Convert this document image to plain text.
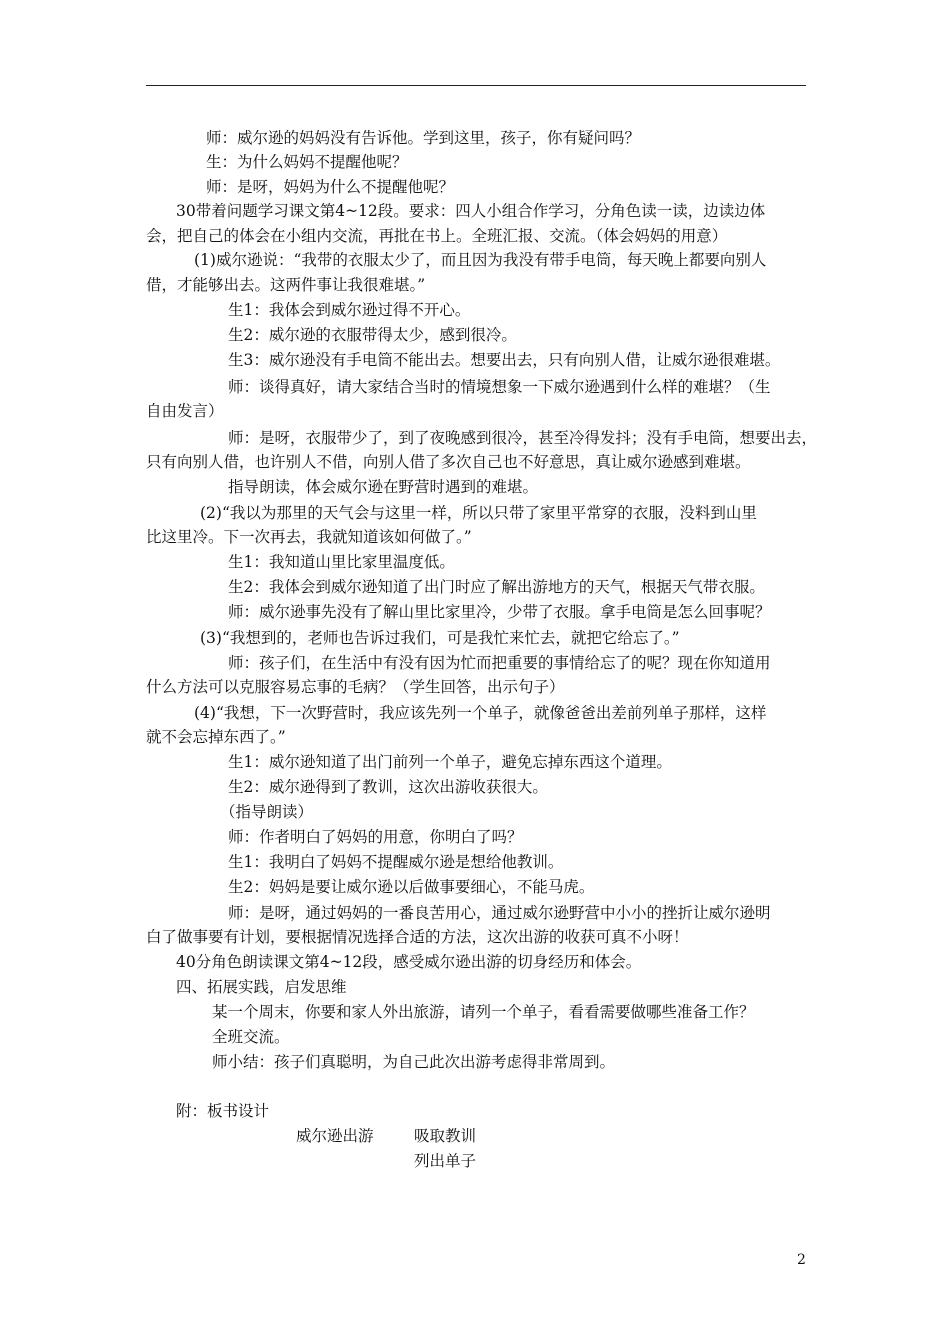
师：威尔逊的妈妈没有告诉他。学到这里，孩子，你有疑问吗？
生：为什么妈妈不提醒他呢？
师：是呀，妈妈为什么不提醒他呢？
30带着问题学习课文第4~12段。要求：四人小组合作学习，分角色读一读，边读边体
会，把自己的体会在小组内交流，再批在书上。全班汇报、交流。（体会妈妈的用意）
(1)威尔逊说：“我带的衣服太少了，而且因为我没有带手电筒，每天晚上都要向别人
借，才能够出去。这两件事让我很难堪。”
生1：我体会到威尔逊过得不开心。
生2：威尔逊的衣服带得太少，感到很冷。
生3：威尔逊没有手电筒不能出去。想要出去，只有向别人借，让威尔逊很难堪。
师：谈得真好，请大家结合当时的情境想象一下威尔逊遇到什么样的难堪？（生
自由发言）
师：是呀，衣服带少了，到了夜晚感到很冷，甚至冷得发抖；没有手电筒，想要出去，
只有向别人借，也许别人不借，向别人借了多次自己也不好意思，真让威尔逊感到难堪。
指导朗读，体会威尔逊在野营时遇到的难堪。
(2)“我以为那里的天气会与这里一样，所以只带了家里平常穿的衣服，没料到山里
比这里冷。下一次再去，我就知道该如何做了。”
生1：我知道山里比家里温度低。
生2：我体会到威尔逊知道了出门时应了解出游地方的天气，根据天气带衣服。
师：威尔逊事先没有了解山里比家里冷，少带了衣服。拿手电筒是怎么回事呢？
(3)“我想到的，老师也告诉过我们，可是我忙来忙去，就把它给忘了。”
师：孩子们，在生活中有没有因为忙而把重要的事情给忘了的呢？现在你知道用
什么方法可以克服容易忘事的毛病？（学生回答，出示句子）
(4)“我想，下一次野营时，我应该先列一个单子，就像爸爸出差前列单子那样，这样
就不会忘掉东西了。”
生1：威尔逊知道了出门前列一个单子，避免忘掉东西这个道理。
生2：威尔逊得到了教训，这次出游收获很大。
（指导朗读）
师：作者明白了妈妈的用意，你明白了吗？
生1：我明白了妈妈不提醒威尔逊是想给他教训。
生2：妈妈是要让威尔逊以后做事要细心，不能马虎。
师：是呀，通过妈妈的一番良苦用心，通过威尔逊野营中小小的挫折让威尔逊明
白了做事要有计划，要根据情况选择合适的方法，这次出游的收获可真不小呀！
40分角色朗读课文第4~12段，感受威尔逊出游的切身经历和体会。
四、拓展实践，启发思维
某一个周末，你要和家人外出旅游，请列一个单子，看看需要做哪些准备工作？
全班交流。
师小结：孩子们真聪明，为自己此次出游考虑得非常周到。
附：板书设计
威尔逊出游	吸取教训
列出单子
2
